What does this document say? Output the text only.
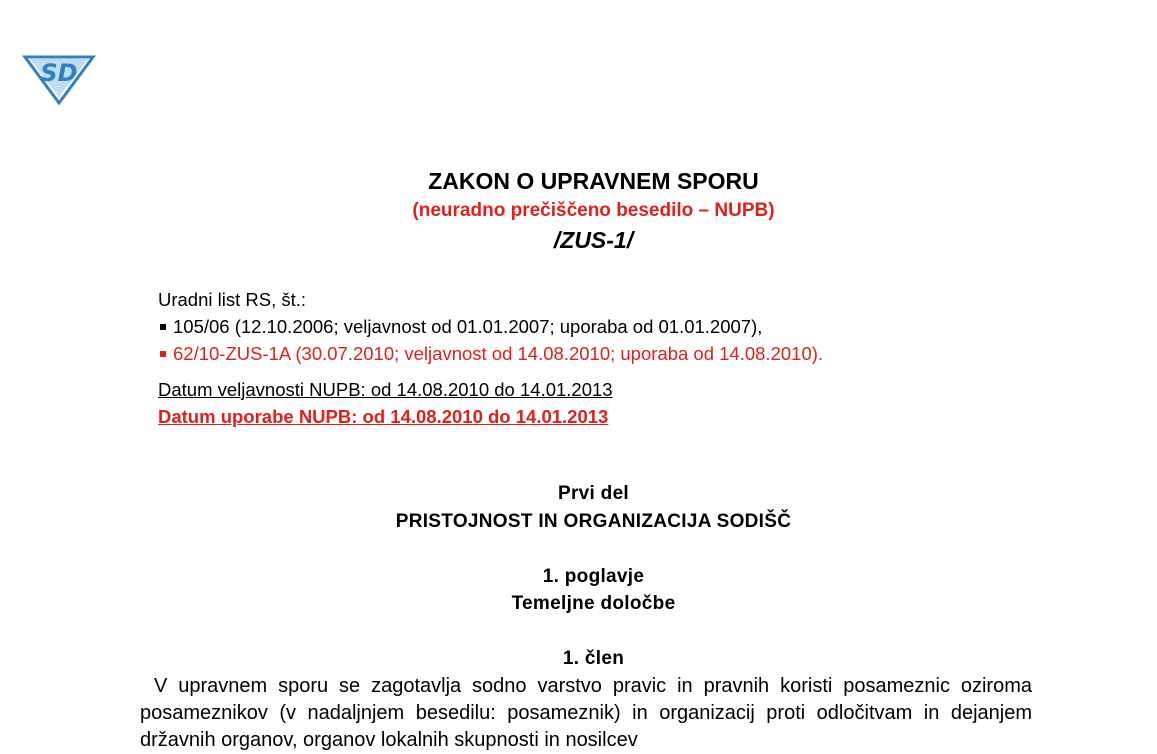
SD
ZAKON O UPRAVNEM SPORU
(neuradno prečiščeno besedilo – NUPB)
/ZUS-1/
Uradni list RS, št.:
105/06 (12.10.2006; veljavnost od 01.01.2007; uporaba od 01.01.2007),
62/10-ZUS-1A (30.07.2010; veljavnost od 14.08.2010; uporaba od 14.08.2010).
Datum veljavnosti NUPB: od 14.08.2010 do 14.01.2013
Datum uporabe NUPB: od 14.08.2010 do 14.01.2013
Prvi del
PRISTOJNOST IN ORGANIZACIJA SODIŠČ
1. poglavje
Temeljne določbe
1. člen

V upravnem sporu se zagotavlja sodno varstvo pravic in pravnih koristi posameznic oziroma posameznikov (v nadaljnjem besedilu: posameznik) in organizacij proti odločitvam in dejanjem državnih organov, organov lokalnih skupnosti in nosilcev
